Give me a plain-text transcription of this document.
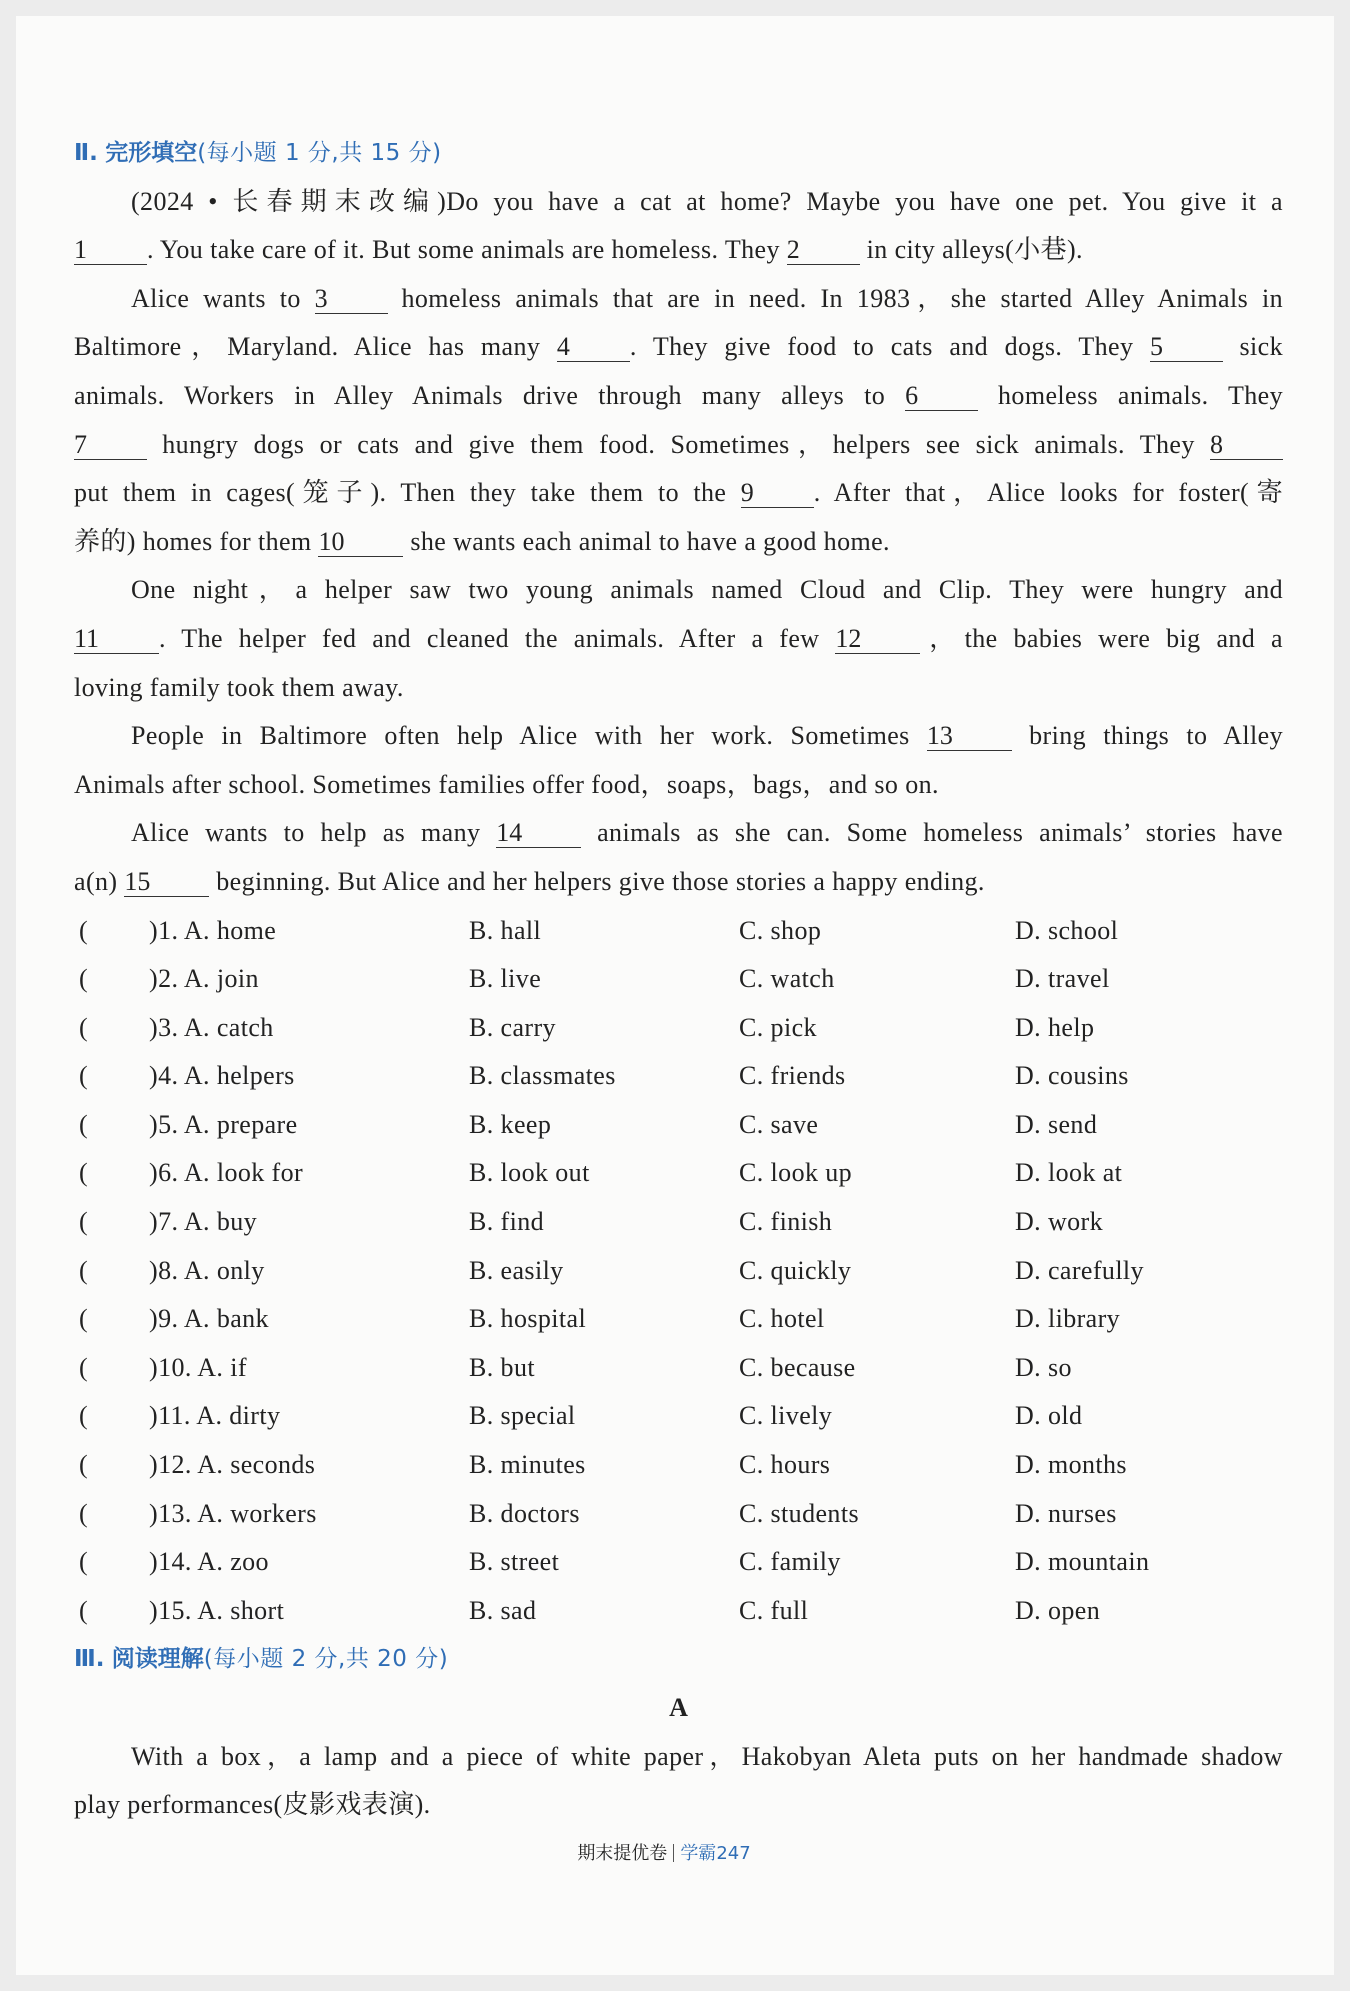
Ⅱ. 完形填空(每小题 1 分,共 15 分)
(2024 • 长春期末改编)Do you have a cat at home? Maybe you have one pet. You give it a
1 . You take care of it. But some animals are homeless. They 2 in city alleys(小巷).
Alice wants to 3 homeless animals that are in need. In 1983，she started Alley Animals in
Baltimore，Maryland. Alice has many 4 . They give food to cats and dogs. They 5 sick
animals. Workers in Alley Animals drive through many alleys to 6 homeless animals. They
7 hungry dogs or cats and give them food. Sometimes，helpers see sick animals. They 8
put them in cages(笼子). Then they take them to the 9 . After that，Alice looks for foster(寄
养的) homes for them 10 she wants each animal to have a good home.
One night，a helper saw two young animals named Cloud and Clip. They were hungry and
11 . The helper fed and cleaned the animals. After a few 12 ，the babies were big and a
loving family took them away.
People in Baltimore often help Alice with her work. Sometimes 13 bring things to Alley
Animals after school. Sometimes families offer food，soaps，bags，and so on.
Alice wants to help as many 14 animals as she can. Some homeless animals’ stories have
a(n) 15 beginning. But Alice and her helpers give those stories a happy ending.
( )1. A. home	B. hall	C. shop	D. school
( )2. A. join	B. live	C. watch	D. travel
( )3. A. catch	B. carry	C. pick	D. help
( )4. A. helpers	B. classmates	C. friends	D. cousins
( )5. A. prepare	B. keep	C. save	D. send
( )6. A. look for	B. look out	C. look up	D. look at
( )7. A. buy	B. find	C. finish	D. work
( )8. A. only	B. easily	C. quickly	D. carefully
( )9. A. bank	B. hospital	C. hotel	D. library
( )10. A. if	B. but	C. because	D. so
( )11. A. dirty	B. special	C. lively	D. old
( )12. A. seconds	B. minutes	C. hours	D. months
( )13. A. workers	B. doctors	C. students	D. nurses
( )14. A. zoo	B. street	C. family	D. mountain
( )15. A. short	B. sad	C. full	D. open
Ⅲ. 阅读理解(每小题 2 分,共 20 分)
A
With a box，a lamp and a piece of white paper，Hakobyan Aleta puts on her handmade shadow
play performances(皮影戏表演).
期末提优卷 学霸247
